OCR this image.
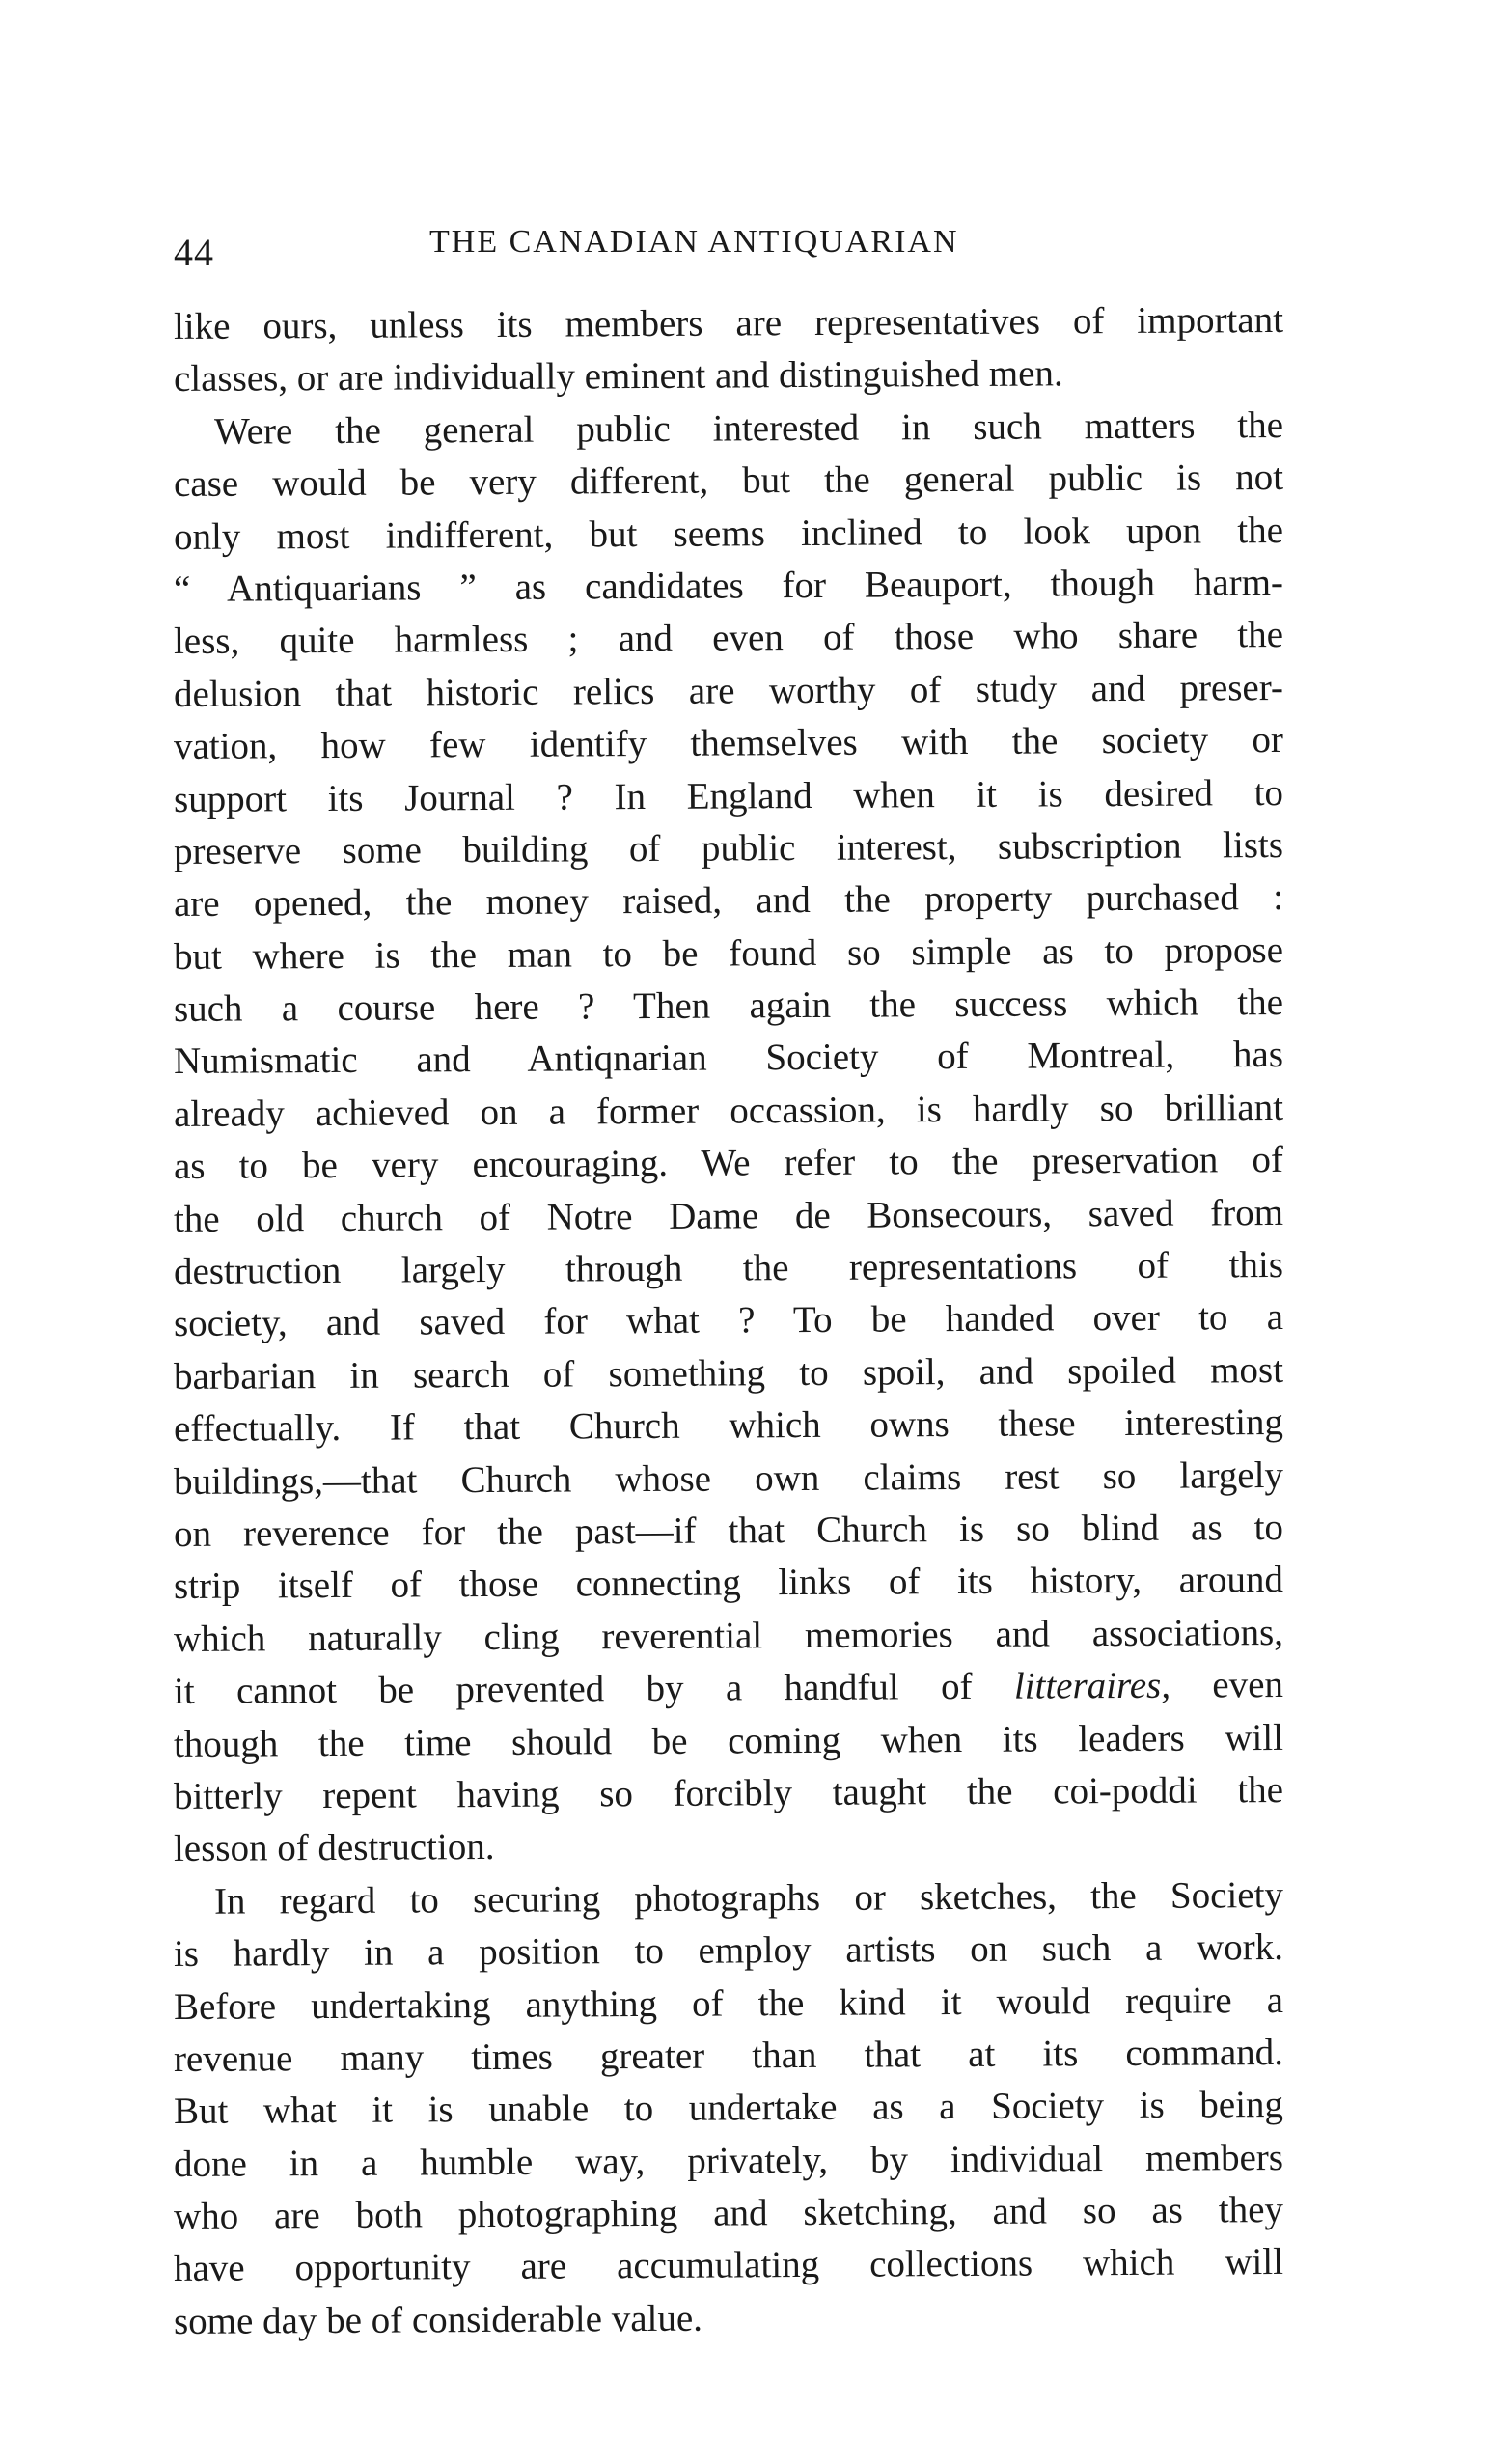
44	THE CANADIAN ANTIQUARIAN
like ours, unless its members are representatives of important
classes, or are individually eminent and distinguished men.
Were the general public interested in such matters the
case would be very different, but the general public is not
only most indifferent, but seems inclined to look upon the
“ Antiquarians ” as candidates for Beauport, though harm-
less, quite harmless ; and even of those who share the
delusion that historic relics are worthy of study and preser-
vation, how few identify themselves with the society or
support its Journal ? In England when it is desired to
preserve some building of public interest, subscription lists
are opened, the money raised, and the property purchased :
but where is the man to be found so simple as to propose
such a course here ? Then again the success which the
Numismatic and Antiqnarian Society of Montreal, has
already achieved on a former occassion, is hardly so brilliant
as to be very encouraging. We refer to the preservation of
the old church of Notre Dame de Bonsecours, saved from
destruction largely through the representations of this
society, and saved for what ? To be handed over to a
barbarian in search of something to spoil, and spoiled most
effectually. If that Church which owns these interesting
buildings,—that Church whose own claims rest so largely
on reverence for the past—if that Church is so blind as to
strip itself of those connecting links of its history, around
which naturally cling reverential memories and associations,
it cannot be prevented by a handful of litteraires, even
though the time should be coming when its leaders will
bitterly repent having so forcibly taught the coi-poddi the
lesson of destruction.
In regard to securing photographs or sketches, the Society
is hardly in a position to employ artists on such a work.
Before undertaking anything of the kind it would require a
revenue many times greater than that at its command.
But what it is unable to undertake as a Society is being
done in a humble way, privately, by individual members
who are both photographing and sketching, and so as they
have opportunity are accumulating collections which will
some day be of considerable value.
